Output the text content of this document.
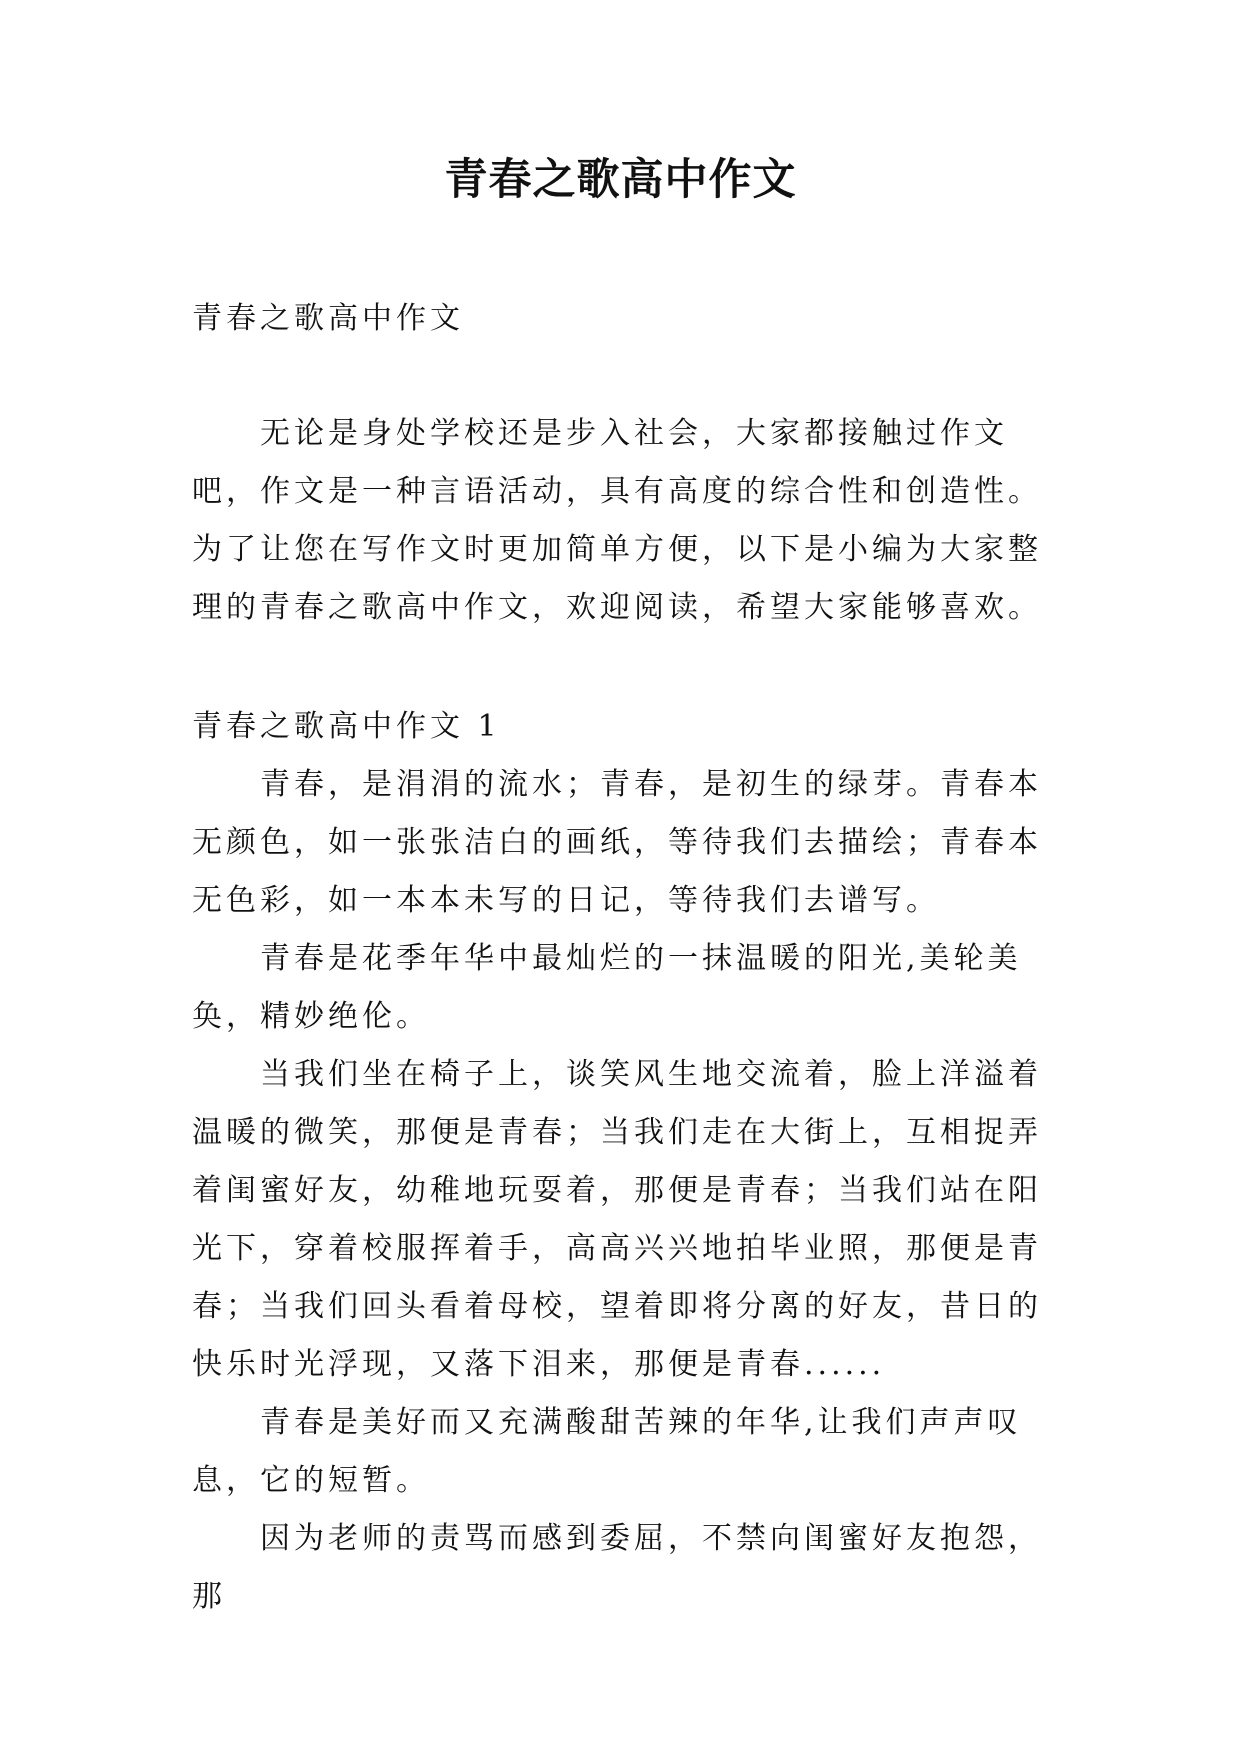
青春之歌高中作文
青春之歌高中作文

无论是身处学校还是步入社会，大家都接触过作文吧，作文是一种言语活动，具有高度的综合性和创造性。为了让您在写作文时更加简单方便，以下是小编为大家整理的青春之歌高中作文，欢迎阅读，希望大家能够喜欢。

青春之歌高中作文 1

青春，是涓涓的流水；青春，是初生的绿芽。青春本无颜色，如一张张洁白的画纸，等待我们去描绘；青春本无色彩，如一本本未写的日记，等待我们去谱写。

青春是花季年华中最灿烂的一抹温暖的阳光,美轮美奂，精妙绝伦。

当我们坐在椅子上，谈笑风生地交流着，脸上洋溢着温暖的微笑，那便是青春；当我们走在大街上，互相捉弄着闺蜜好友，幼稚地玩耍着，那便是青春；当我们站在阳光下，穿着校服挥着手，高高兴兴地拍毕业照，那便是青春；当我们回头看着母校，望着即将分离的好友，昔日的快乐时光浮现，又落下泪来，那便是青春......

青春是美好而又充满酸甜苦辣的年华,让我们声声叹息，它的短暂。

因为老师的责骂而感到委屈，不禁向闺蜜好友抱怨，那
